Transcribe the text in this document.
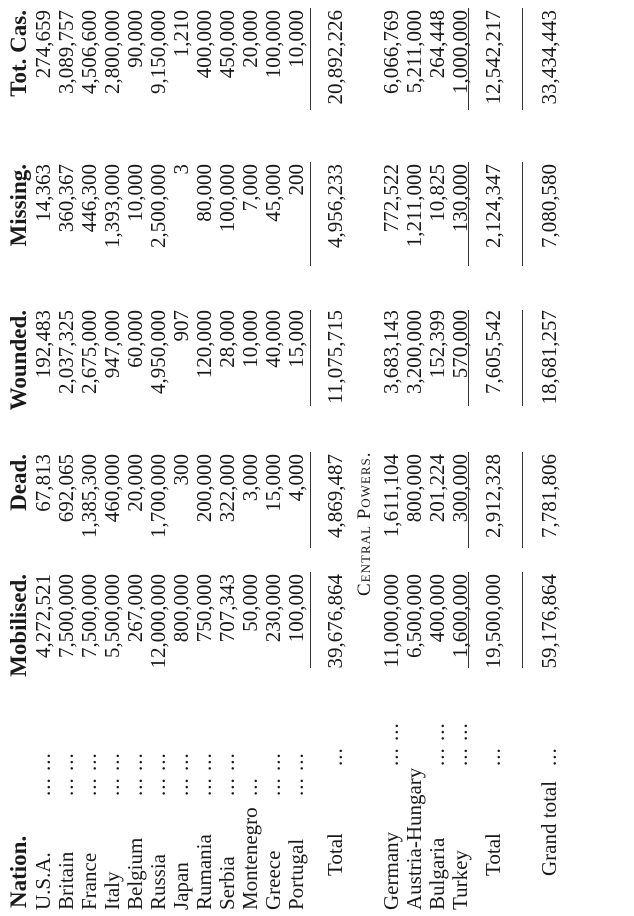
Nation.
Mobilised.
Dead.
Wounded.
Missing.
Tot. Cas.
U.S.A.
... ...
4,272,521
67,813
192,483
14,363
274,659
Britain
... ...
7,500,000
692,065
2,037,325
360,367
3,089,757
France
... ...
7,500,000
1,385,300
2,675,000
446,300
4,506,600
Italy
... ...
5,500,000
460,000
947,000
1,393,000
2,800,000
Belgium
... ...
267,000
20,000
60,000
10,000
90,000
Russia
... ...
12,000,000
1,700,000
4,950,000
2,500,000
9,150,000
Japan
... ...
800,000
300
907
3
1,210
Rumania
... ...
750,000
200,000
120,000
80,000
400,000
Serbia
... ...
707,343
322,000
28,000
100,000
450,000
Montenegro
...
50,000
3,000
10,000
7,000
20,000
Greece
... ...
230,000
15,000
40,000
45,000
100,000
Portugal
... ...
100,000
4,000
15,000
200
10,000
Total
...
39,676,864
4,869,487
11,075,715
4,956,233
20,892,226
Central Powers.
Germany
... ...
11,000,000
1,611,104
3,683,143
772,522
6,066,769
Austria-Hungary
6,500,000
800,000
3,200,000
1,211,000
5,211,000
Bulgaria
... ...
400,000
201,224
152,399
10,825
264,448
Turkey
... ...
1,600,000
300,000
570,000
130,000
1,000,000
Total
...
19,500,000
2,912,328
7,605,542
2,124,347
12,542,217
Grand total
...
59,176,864
7,781,806
18,681,257
7,080,580
33,434,443
